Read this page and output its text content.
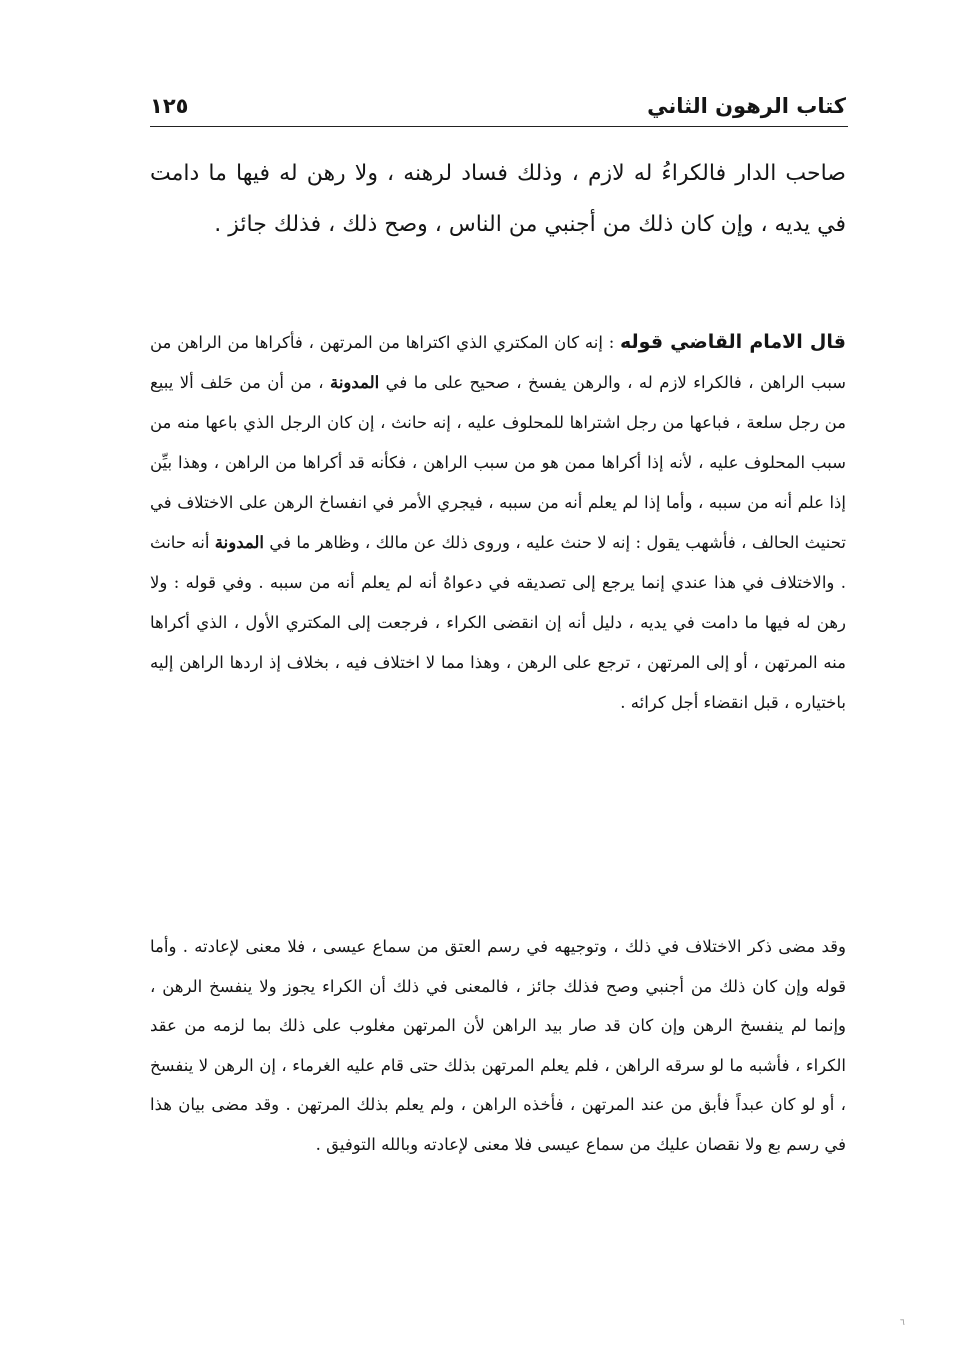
كتاب الرهون الثاني
١٢٥

صاحب الدار فالكراءُ له لازم ، وذلك فساد لرهنه ، ولا رهن له فيها ما دامت في يديه ، وإن كان ذلك من أجنبي من الناس ، وصح ذلك ، فذلك جائز .

قال الامام القاضي قوله : إنه كان المكتري الذي اكتراها من المرتهن ، فأكراها من الراهن من سبب الراهن ، فالكراء لازم له ، والرهن يفسخ ، صحيح على ما في المدونة ، من أن من حَلف ألا يبيع من رجل سلعة ، فباعها من رجل اشتراها للمحلوف عليه ، إنه حانث ، إن كان الرجل الذي باعها منه من سبب المحلوف عليه ، لأنه إذا أكراها ممن هو من سبب الراهن ، فكأنه قد أكراها من الراهن ، وهذا بيِّن إذا علم أنه من سببه ، وأما إذا لم يعلم أنه من سببه ، فيجري الأمر في انفساخ الرهن على الاختلاف في تحنيث الحالف ، فأشهب يقول : إنه لا حنث عليه ، وروى ذلك عن مالك ، وظاهر ما في المدونة أنه حانث . والاختلاف في هذا عندي إنما يرجع إلى تصديقه في دعواهُ أنه لم يعلم أنه من سببه . وفي قوله : ولا رهن له فيها ما دامت في يديه ، دليل أنه إن انقضى الكراء ، فرجعت إلى المكتري الأول ، الذي أكراها منه المرتهن ، أو إلى المرتهن ، ترجع على الرهن ، وهذا مما لا اختلاف فيه ، بخلاف إذ اردها الراهن إليه باختياره ، قبل انقضاء أجل كرائه .

وقد مضى ذكر الاختلاف في ذلك ، وتوجيهه في رسم العتق من سماع عيسى ، فلا معنى لإعادته . وأما قوله وإن كان ذلك من أجنبي وصح فذلك جائز ، فالمعنى في ذلك أن الكراء يجوز ولا ينفسخ الرهن ، وإنما لم ينفسخ الرهن وإن كان قد صار بيد الراهن لأن المرتهن مغلوب على ذلك بما لزمه من عقد الكراء ، فأشبه ما لو سرقه الراهن ، فلم يعلم المرتهن بذلك حتى قام عليه الغرماء ، إن الرهن لا ينفسخ ، أو لو كان عبداً فأبق من عند المرتهن ، فأخذه الراهن ، ولم يعلم بذلك المرتهن . وقد مضى بيان هذا في رسم بع ولا نقصان عليك من سماع عيسى فلا معنى لإعادته وبالله التوفيق .

٦
